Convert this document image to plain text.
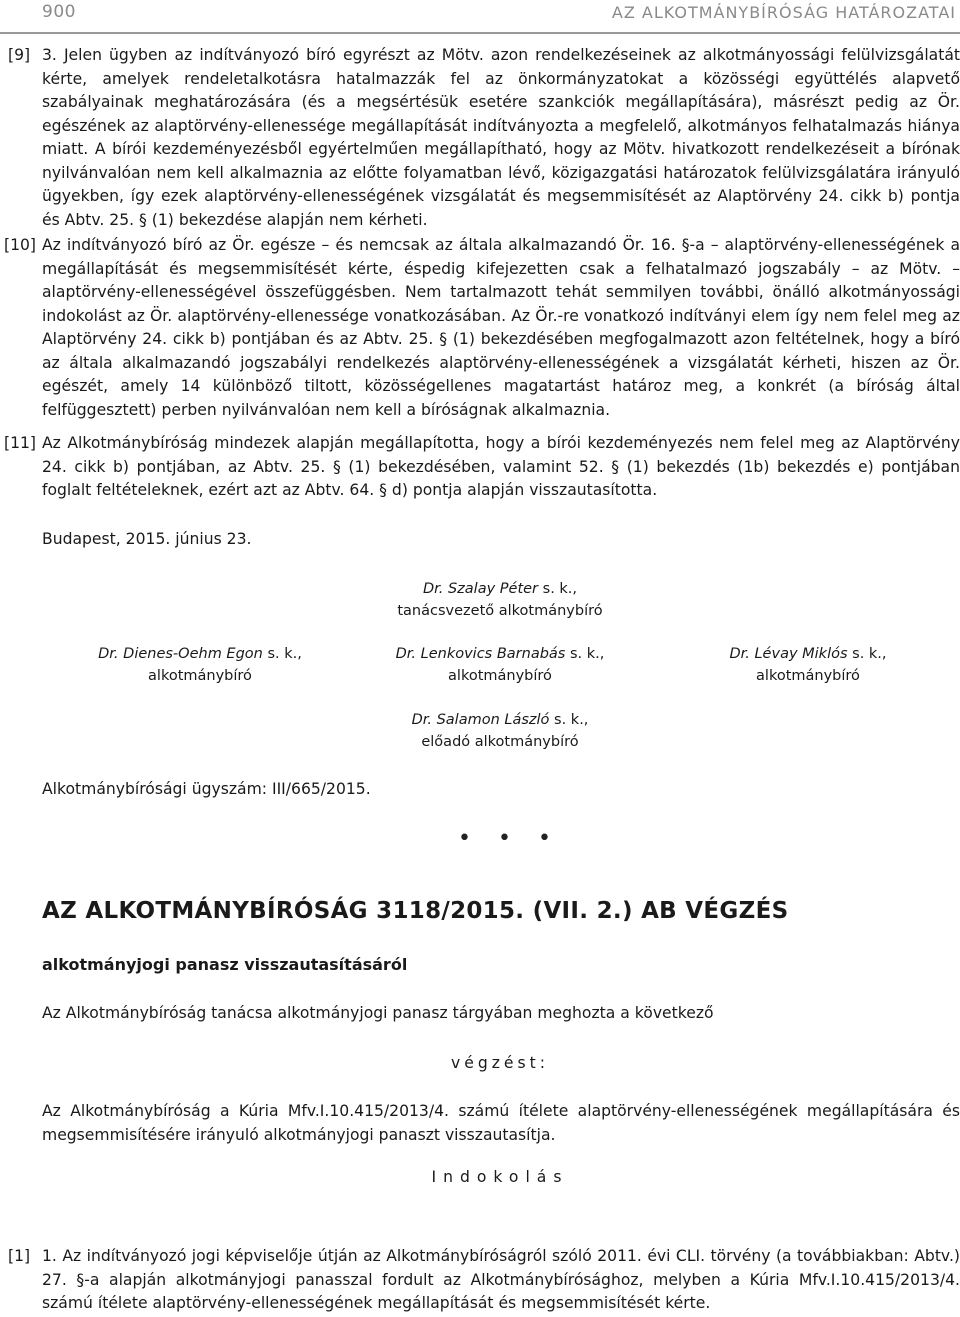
900	AZ ALKOTMÁNYBÍRÓSÁG HATÁROZATAI
[9] 3. Jelen ügyben az indítványozó bíró egyrészt az Mötv. azon rendelkezéseinek az alkotmányossági felülvizsgálatát kérte, amelyek rendeletalkotásra hatalmazzák fel az önkormányzatokat a közösségi együttélés alapvető szabályainak meghatározására (és a megsértésük esetére szankciók megállapítására), másrészt pedig az Ör. egészének az alaptörvény-ellenessége megállapítását indítványozta a megfelelő, alkotmányos felhatalmazás hiánya miatt. A bírói kezdeményezésből egyértelműen megállapítható, hogy az Mötv. hivatkozott rendelkezéseit a bírónak nyilvánvalóan nem kell alkalmaznia az előtte folyamatban lévő, közigazgatási határozatok felülvizsgálatára irányuló ügyekben, így ezek alaptörvény-ellenességének vizsgálatát és megsemmisítését az Alaptörvény 24. cikk b) pontja és Abtv. 25. § (1) bekezdése alapján nem kérheti.
[10] Az indítványozó bíró az Ör. egésze – és nemcsak az általa alkalmazandó Ör. 16. §-a – alaptörvény-ellenességének a megállapítását és megsemmisítését kérte, éspedig kifejezetten csak a felhatalmazó jogszabály – az Mötv. – alaptörvény-ellenességével összefüggésben. Nem tartalmazott tehát semmilyen további, önálló alkotmányossági indokolást az Ör. alaptörvény-ellenessége vonatkozásában. Az Ör.-re vonatkozó indítványi elem így nem felel meg az Alaptörvény 24. cikk b) pontjában és az Abtv. 25. § (1) bekezdésében megfogalmazott azon feltételnek, hogy a bíró az általa alkalmazandó jogszabályi rendelkezés alaptörvény-ellenességének a vizsgálatát kérheti, hiszen az Ör. egészét, amely 14 különböző tiltott, közösségellenes magatartást határoz meg, a konkrét (a bíróság által felfüggesztett) perben nyilvánvalóan nem kell a bíróságnak alkalmaznia.
[11] Az Alkotmánybíróság mindezek alapján megállapította, hogy a bírói kezdeményezés nem felel meg az Alaptörvény 24. cikk b) pontjában, az Abtv. 25. § (1) bekezdésében, valamint 52. § (1) bekezdés (1b) bekezdés e) pontjában foglalt feltételeknek, ezért azt az Abtv. 64. § d) pontja alapján visszautasította.
Budapest, 2015. június 23.
Dr. Szalay Péter s. k.,
tanácsvezető alkotmánybíró
Dr. Dienes-Oehm Egon s. k.,
alkotmánybíró
Dr. Lenkovics Barnabás s. k.,
alkotmánybíró
Dr. Lévay Miklós s. k.,
alkotmánybíró
Dr. Salamon László s. k.,
előadó alkotmánybíró
Alkotmánybírósági ügyszám: III/665/2015.
• • •
AZ ALKOTMÁNYBÍRÓSÁG 3118/2015. (VII. 2.) AB VÉGZÉS
alkotmányjogi panasz visszautasításáról
Az Alkotmánybíróság tanácsa alkotmányjogi panasz tárgyában meghozta a következő
végzést:
Az Alkotmánybíróság a Kúria Mfv.I.10.415/2013/4. számú ítélete alaptörvény-ellenességének megállapítására és megsemmisítésére irányuló alkotmányjogi panaszt visszautasítja.
Indokolás
[1] 1. Az indítványozó jogi képviselője útján az Alkotmánybíróságról szóló 2011. évi CLI. törvény (a továbbiakban: Abtv.) 27. §-a alapján alkotmányjogi panasszal fordult az Alkotmánybírósághoz, melyben a Kúria Mfv.I.10.415/2013/4. számú ítélete alaptörvény-ellenességének megállapítását és megsemmisítését kérte.
